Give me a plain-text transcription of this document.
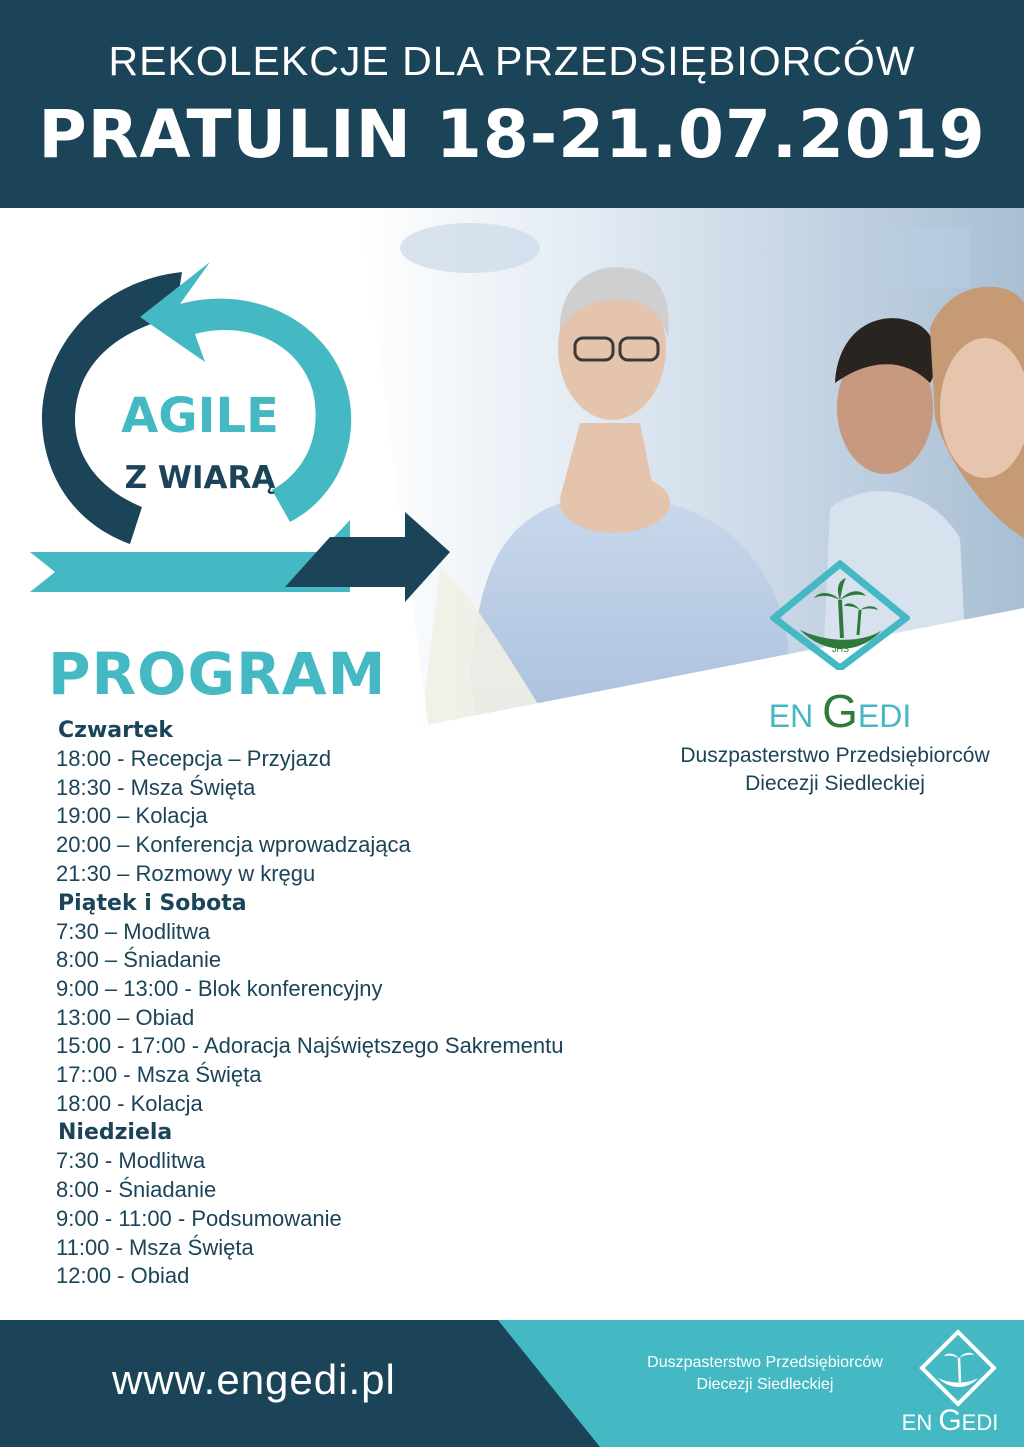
REKOLEKCJE DLA PRZEDSIĘBIORCÓW
PRATULIN 18-21.07.2019
AGILE
Z WIARĄ
PROGRAM

Czwartek

18:00 - Recepcja – Przyjazd

18:30 - Msza Święta

19:00 – Kolacja

20:00 – Konferencja wprowadzająca

21:30 – Rozmowy w kręgu

Piątek i Sobota

7:30 – Modlitwa

8:00 – Śniadanie

9:00 – 13:00 - Blok konferencyjny

13:00 – Obiad

15:00 - 17:00 - Adoracja Najświętszego Sakrementu

17::00 - Msza Święta

18:00 - Kolacja

Niedziela

7:30 - Modlitwa

8:00 - Śniadanie

9:00 - 11:00 - Podsumowanie

11:00 - Msza Święta

12:00 - Obiad

JHS
EN GEDI
Duszpasterstwo Przedsiębiorców
Diecezji Siedleckiej
www.engedi.pl	Duszpasterstwo Przedsiębiorców
Diecezji Siedleckiej
EN GEDI
